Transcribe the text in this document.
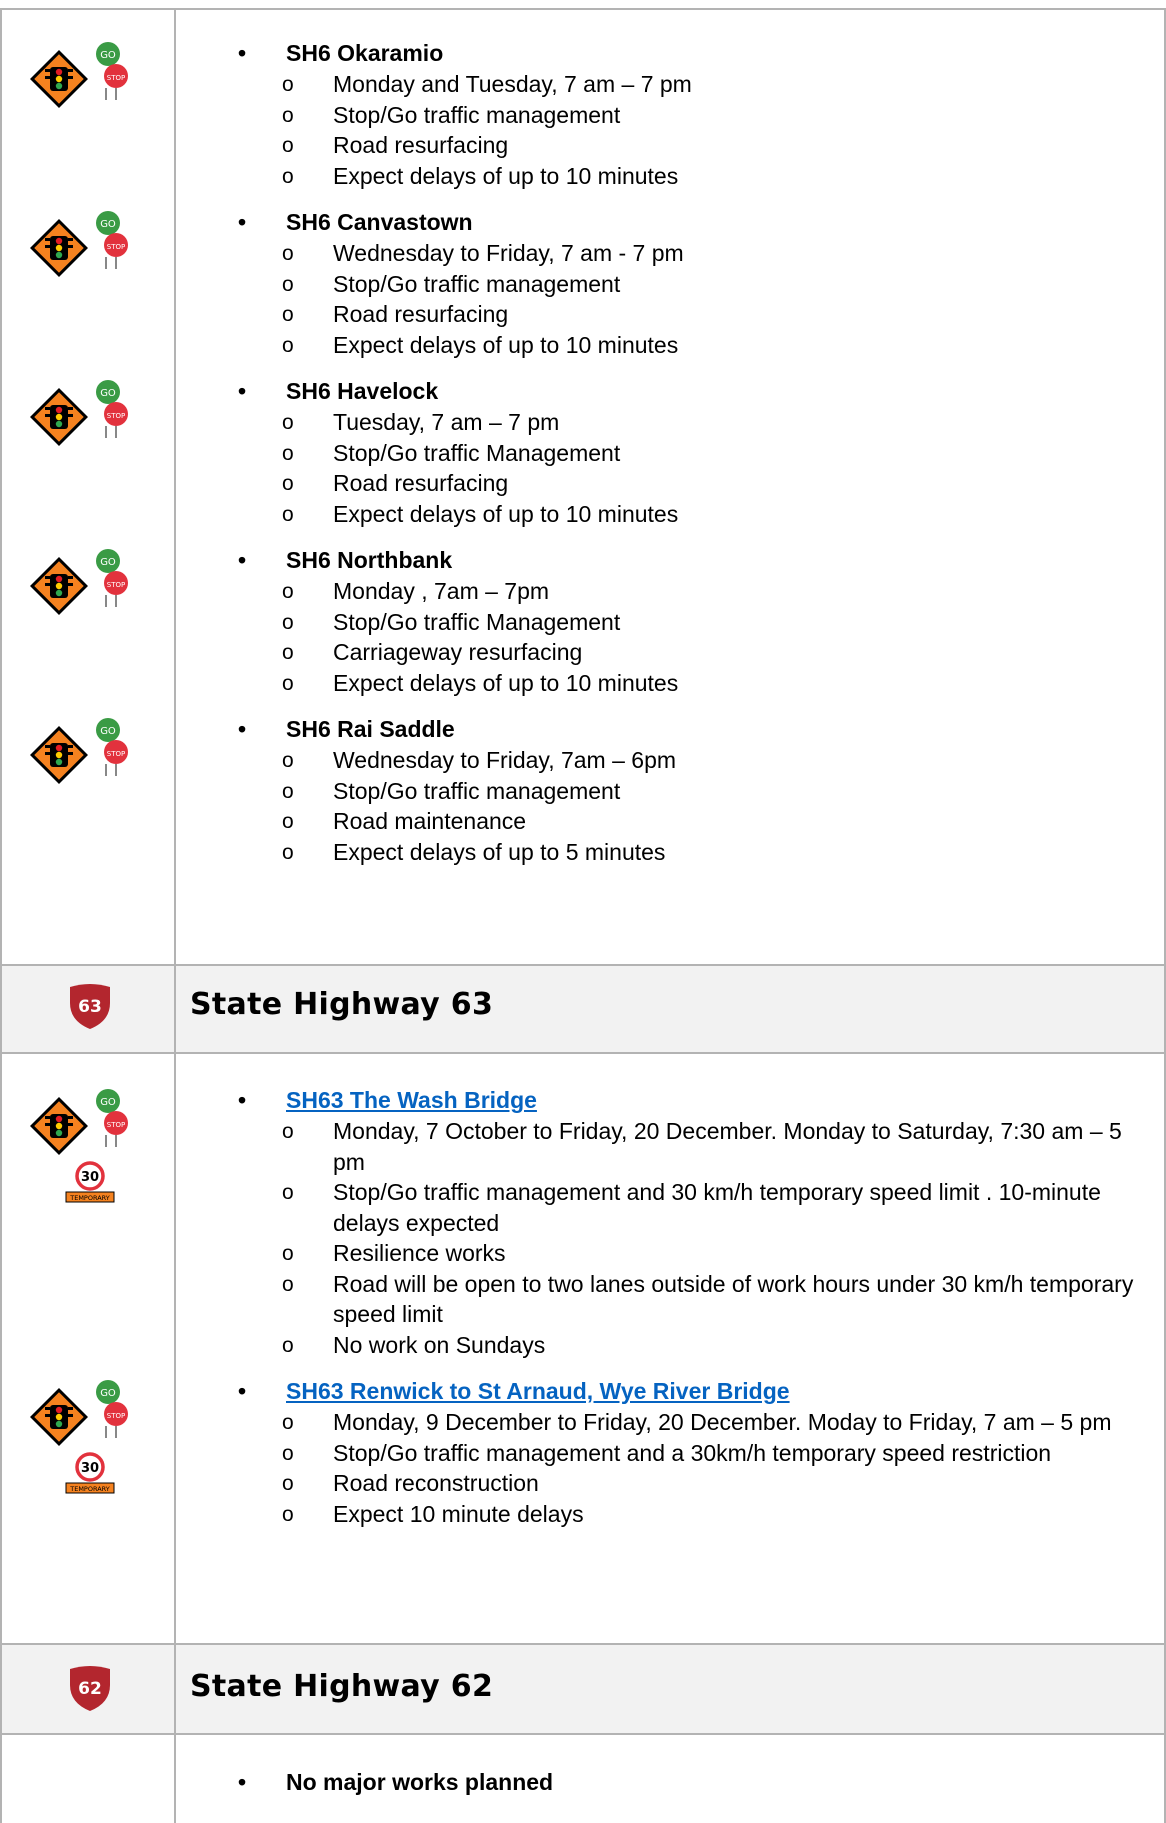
GO
STOP
GO
STOP
GO
STOP
GO
STOP
GO
STOP
•	SH6 Okaramio
o Monday and Tuesday, 7 am – 7 pm
o Stop/Go traffic management
o Road resurfacing
o Expect delays of up to 10 minutes
•	SH6 Canvastown
o Wednesday to Friday, 7 am - 7 pm
o Stop/Go traffic management
o Road resurfacing
o Expect delays of up to 10 minutes
•	SH6 Havelock
o Tuesday, 7 am – 7 pm
o Stop/Go traffic Management
o Road resurfacing
o Expect delays of up to 10 minutes
•	SH6 Northbank
o Monday , 7am – 7pm
o Stop/Go traffic Management
o Carriageway resurfacing
o Expect delays of up to 10 minutes
•	SH6 Rai Saddle
o Wednesday to Friday, 7am – 6pm
o Stop/Go traffic management
o Road maintenance
o Expect delays of up to 5 minutes
63	State Highway 63
GO
STOP
30
TEMPORARY
GO
STOP
30
TEMPORARY
•	SH63 The Wash Bridge
o Monday, 7 October to Friday, 20 December. Monday to Saturday, 7:30 am – 5 pm
o Stop/Go traffic management and 30 km/h temporary speed limit . 10-minute delays expected
o Resilience works
o Road will be open to two lanes outside of work hours under 30 km/h temporary speed limit
o No work on Sundays
•	SH63 Renwick to St Arnaud, Wye River Bridge
o Monday, 9 December to Friday, 20 December. Moday to Friday, 7 am – 5 pm
o Stop/Go traffic management and a 30km/h temporary speed restriction
o Road reconstruction
o Expect 10 minute delays
62	State Highway 62
•	No major works planned
